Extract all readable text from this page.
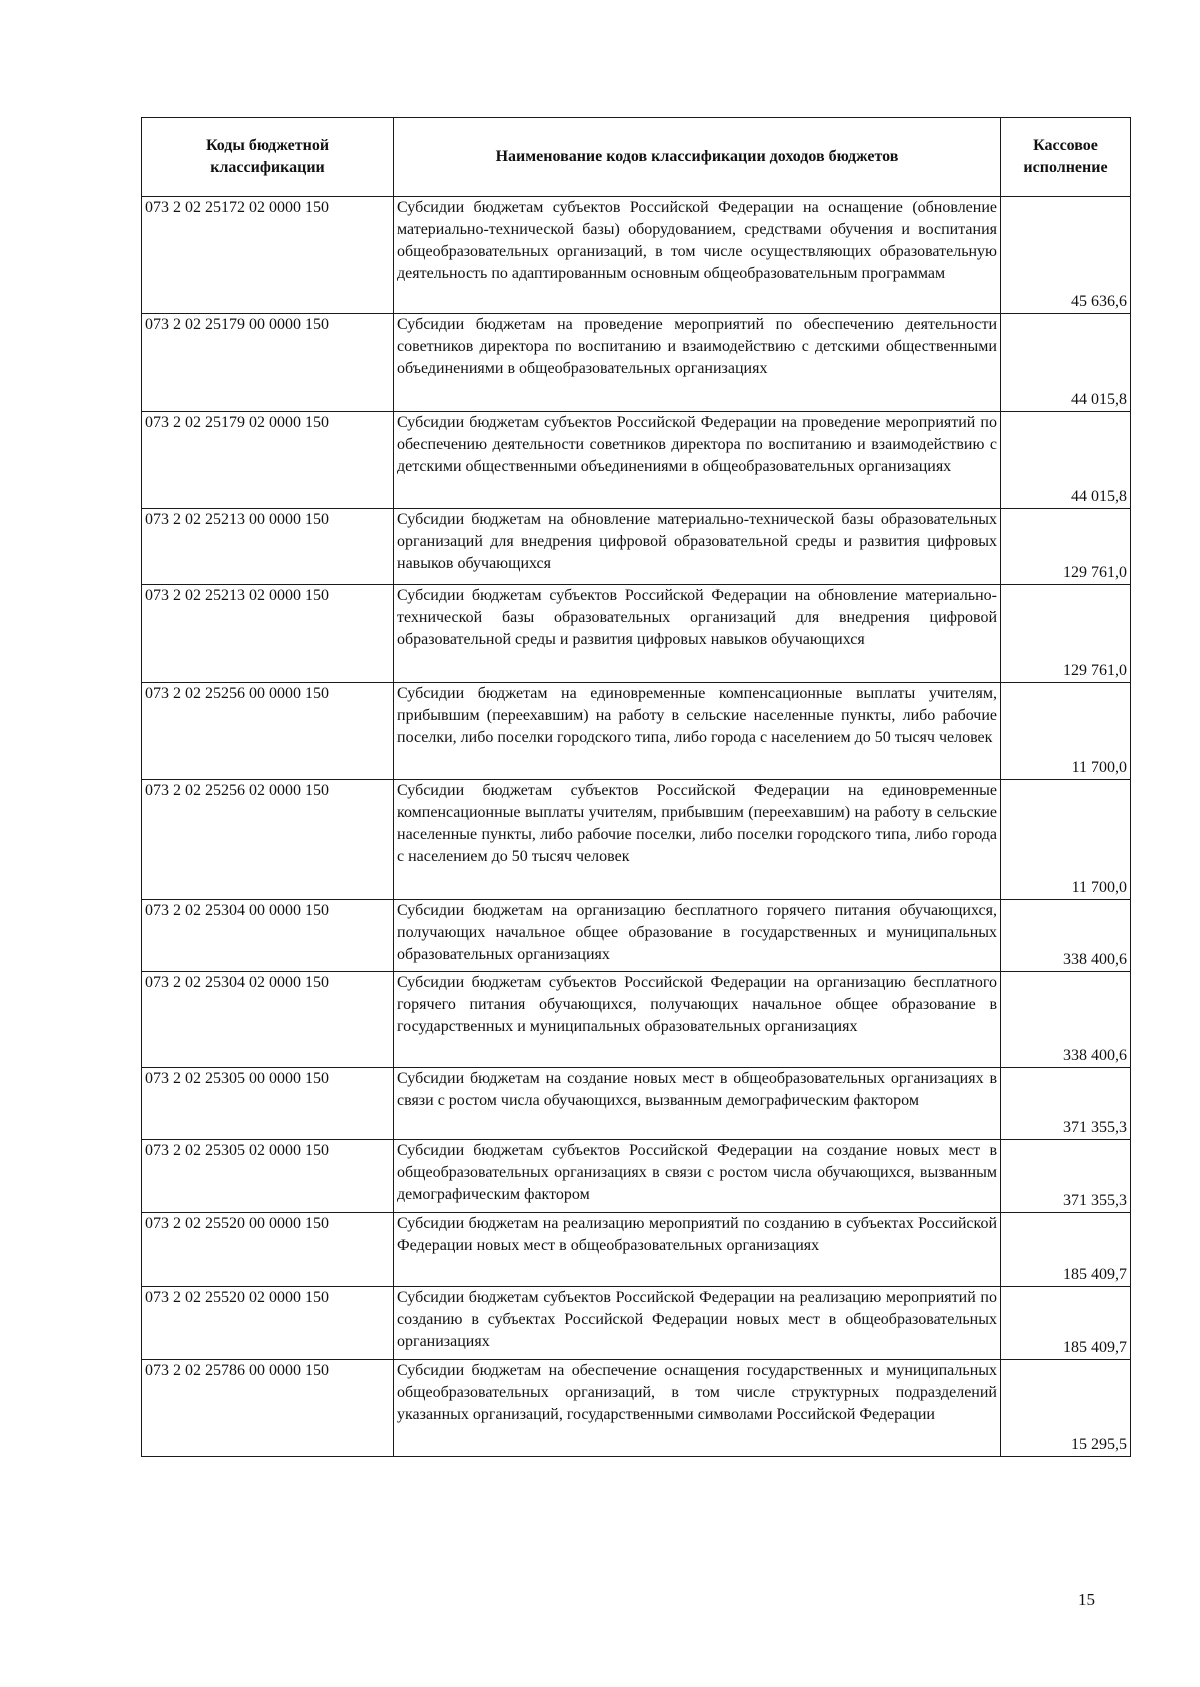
Коды бюджетной классификации	Наименование кодов классификации доходов бюджетов	Кассовое исполнение
073 2 02 25172 02 0000 150	Субсидии бюджетам субъектов Российской Федерации на оснащение (обновление материально-технической базы) оборудованием, средствами обучения и воспитания общеобразовательных организаций, в том числе осуществляющих образовательную деятельность по адаптированным основным общеобразовательным программам	45 636,6
073 2 02 25179 00 0000 150	Субсидии бюджетам на проведение мероприятий по обеспечению деятельности советников директора по воспитанию и взаимодействию с детскими общественными объединениями в общеобразовательных организациях	44 015,8
073 2 02 25179 02 0000 150	Субсидии бюджетам субъектов Российской Федерации на проведение мероприятий по обеспечению деятельности советников директора по воспитанию и взаимодействию с детскими общественными объединениями в общеобразовательных организациях	44 015,8
073 2 02 25213 00 0000 150	Субсидии бюджетам на обновление материально-технической базы образовательных организаций для внедрения цифровой образовательной среды и развития цифровых навыков обучающихся	129 761,0
073 2 02 25213 02 0000 150	Субсидии бюджетам субъектов Российской Федерации на обновление материально-технической базы образовательных организаций для внедрения цифровой образовательной среды и развития цифровых навыков обучающихся	129 761,0
073 2 02 25256 00 0000 150	Субсидии бюджетам на единовременные компенсационные выплаты учителям, прибывшим (переехавшим) на работу в сельские населенные пункты, либо рабочие поселки, либо поселки городского типа, либо города с населением до 50 тысяч человек	11 700,0
073 2 02 25256 02 0000 150	Субсидии бюджетам субъектов Российской Федерации на единовременные компенсационные выплаты учителям, прибывшим (переехавшим) на работу в сельские населенные пункты, либо рабочие поселки, либо поселки городского типа, либо города с населением до 50 тысяч человек	11 700,0
073 2 02 25304 00 0000 150	Субсидии бюджетам на организацию бесплатного горячего питания обучающихся, получающих начальное общее образование в государственных и муниципальных образовательных организациях	338 400,6
073 2 02 25304 02 0000 150	Субсидии бюджетам субъектов Российской Федерации на организацию бесплатного горячего питания обучающихся, получающих начальное общее образование в государственных и муниципальных образовательных организациях	338 400,6
073 2 02 25305 00 0000 150	Субсидии бюджетам на создание новых мест в общеобразовательных организациях в связи с ростом числа обучающихся, вызванным демографическим фактором	371 355,3
073 2 02 25305 02 0000 150	Субсидии бюджетам субъектов Российской Федерации на создание новых мест в общеобразовательных организациях в связи с ростом числа обучающихся, вызванным демографическим фактором	371 355,3
073 2 02 25520 00 0000 150	Субсидии бюджетам на реализацию мероприятий по созданию в субъектах Российской Федерации новых мест в общеобразовательных организациях	185 409,7
073 2 02 25520 02 0000 150	Субсидии бюджетам субъектов Российской Федерации на реализацию мероприятий по созданию в субъектах Российской Федерации новых мест в общеобразовательных организациях	185 409,7
073 2 02 25786 00 0000 150	Субсидии бюджетам на обеспечение оснащения государственных и муниципальных общеобразовательных организаций, в том числе структурных подразделений указанных организаций, государственными символами Российской Федерации	15 295,5
15
